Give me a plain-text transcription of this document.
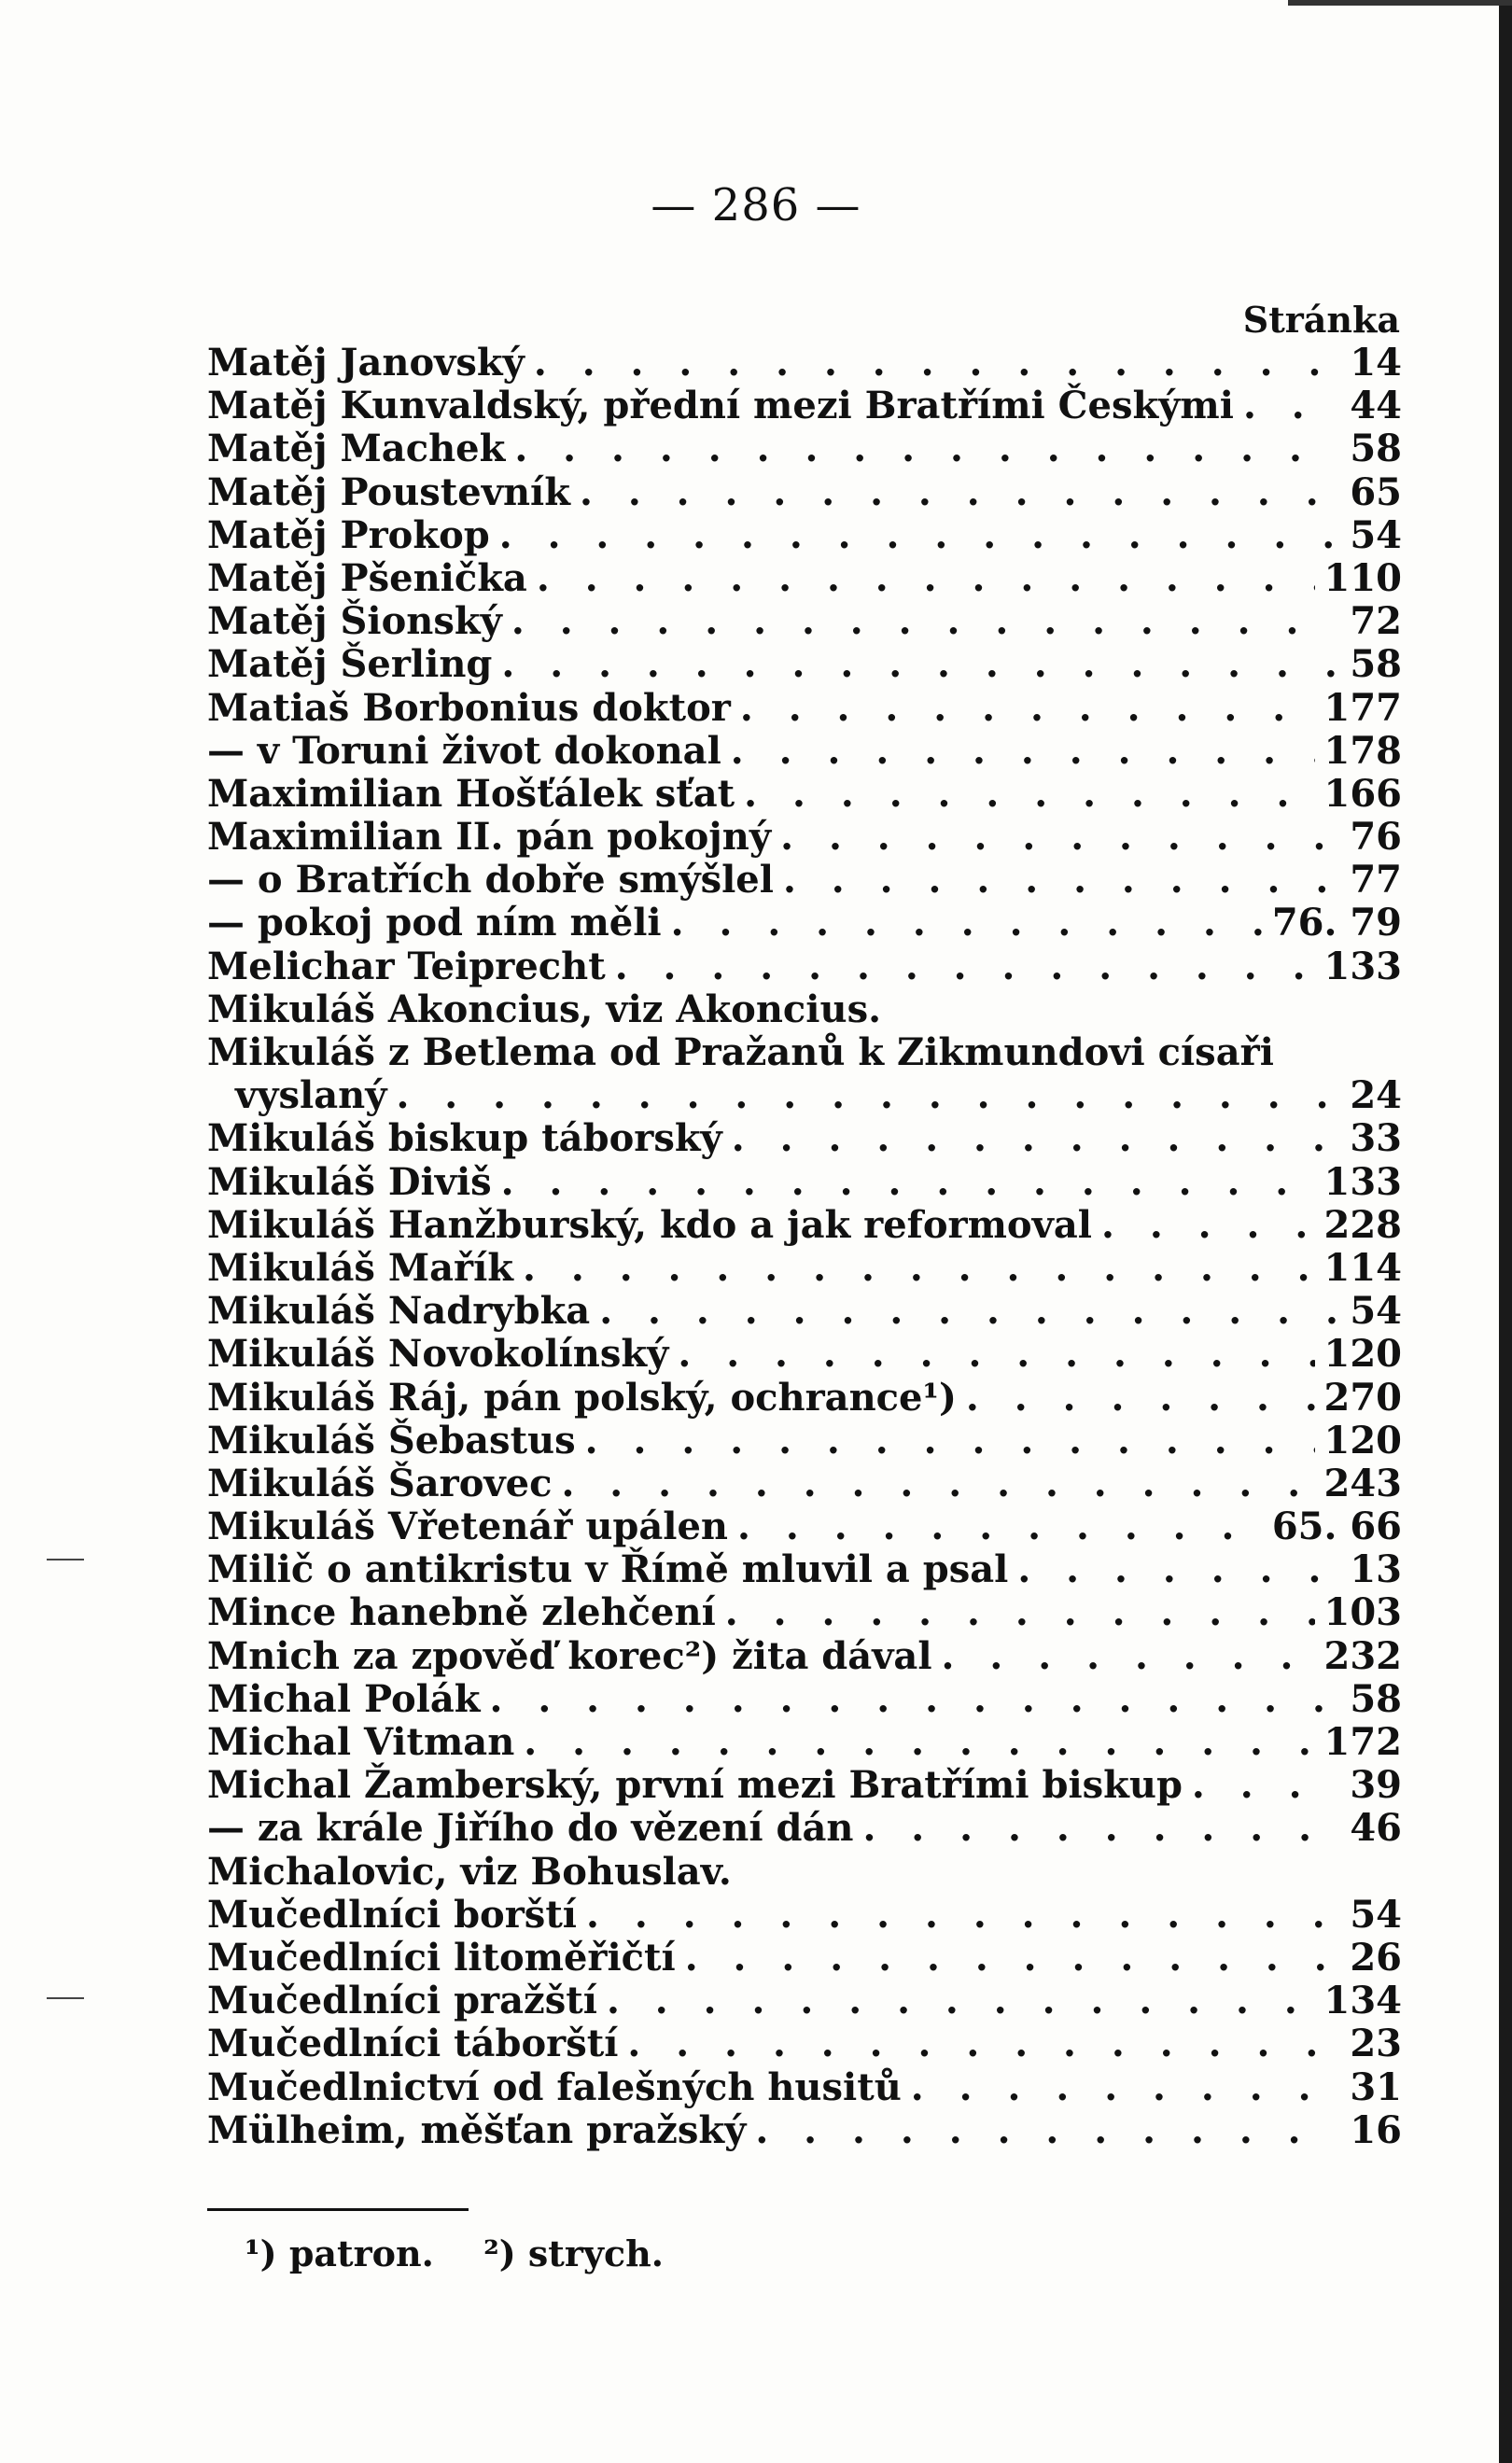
— 286 —
Stránka
Matěj Janovský . . .	14
Matěj Kunvaldský, přední mezi Bratřími Českými . . .	44
Matěj Machek . . .	58
Matěj Poustevník . . .	65
Matěj Prokop . . .	54
Matěj Pšenička . . .	110
Matěj Šionský . . .	72
Matěj Šerling . . .	58
Matiaš Borbonius doktor . . .	177
— v Toruni život dokonal . . .	178
Maximilian Hošťálek sťat . . .	166
Maximilian II. pán pokojný . . .	76
— o Bratřích dobře smýšlel . . .	77
— pokoj pod ním měli . . .	76. 79
Melichar Teiprecht . . .	133
Mikuláš Akoncius, viz Akoncius.
Mikuláš z Betlema od Pražanů k Zikmundovi císaři
vyslaný . . .	24
Mikuláš biskup táborský . . .	33
Mikuláš Diviš . . .	133
Mikuláš Hanžburský, kdo a jak reformoval . . .	228
Mikuláš Mařík . . .	114
Mikuláš Nadrybka . . .	54
Mikuláš Novokolínský . . .	120
Mikuláš Ráj, pán polský, ochrance¹) . . .	270
Mikuláš Šebastus . . .	120
Mikuláš Šarovec . . .	243
Mikuláš Vřetenář upálen . . .	65. 66
Milič o antikristu v Římě mluvil a psal . . .	13
Mince hanebně zlehčení . . .	103
Mnich za zpověď korec²) žita dával . . .	232
Michal Polák . . .	58
Michal Vitman . . .	172
Michal Žamberský, první mezi Bratřími biskup . . .	39
— za krále Jiřího do vězení dán . . .	46
Michalovic, viz Bohuslav.
Mučedlníci borští . . .	54
Mučedlníci litoměřičtí . . .	26
Mučedlníci pražští . . .	134
Mučedlníci táborští . . .	23
Mučedlnictví od falešných husitů . . .	31
Mülheim, měšťan pražský . . .	16
¹) patron. ²) strych.
